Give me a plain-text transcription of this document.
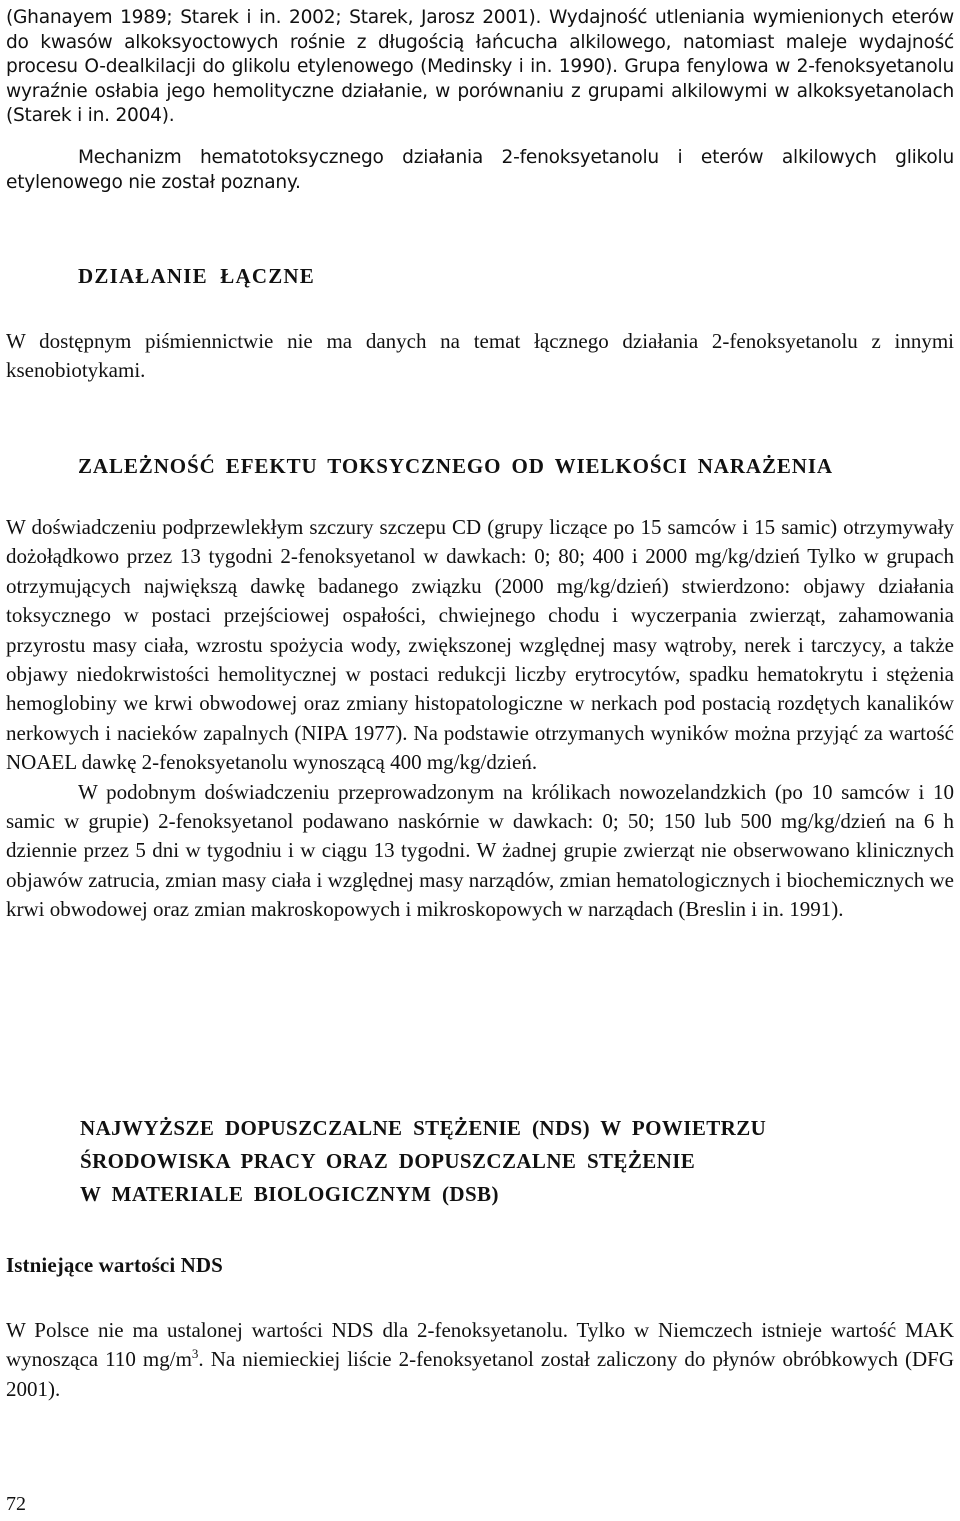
(Ghanayem 1989; Starek i in. 2002; Starek, Jarosz 2001). Wydajność utleniania wymienionych eterów do kwasów alkoksyoctowych rośnie z długością łańcucha alkilowego, natomiast maleje wydajność procesu O-dealkilacji do glikolu etylenowego (Medinsky i in. 1990). Grupa fenylowa w 2-fenoksyetanolu wyraźnie osłabia jego hemolityczne działanie, w porównaniu z grupami alkilowymi w alkoksyetanolach (Starek i in. 2004).

Mechanizm hematotoksycznego działania 2-fenoksyetanolu i eterów alkilowych glikolu etylenowego nie został poznany.

DZIAŁANIE ŁĄCZNE

W dostępnym piśmiennictwie nie ma danych na temat łącznego działania 2-fenoksyetanolu z innymi ksenobiotykami.

ZALEŻNOŚĆ EFEKTU TOKSYCZNEGO OD WIELKOŚCI NARAŻENIA

W doświadczeniu podprzewlekłym szczury szczepu CD (grupy liczące po 15 samców i 15 samic) otrzymywały dożołądkowo przez 13 tygodni 2-fenoksyetanol w dawkach: 0; 80; 400 i 2000 mg/kg/dzień Tylko w grupach otrzymujących największą dawkę badanego związku (2000 mg/kg/dzień) stwierdzono: objawy działania toksycznego w postaci przejściowej ospałości, chwiejnego chodu i wyczerpania zwierząt, zahamowania przyrostu masy ciała, wzrostu spożycia wody, zwiększonej względnej masy wątroby, nerek i tarczycy, a także objawy niedokrwistości hemolitycznej w postaci redukcji liczby erytrocytów, spadku hematokrytu i stężenia hemoglobiny we krwi obwodowej oraz zmiany histopatologiczne w nerkach pod postacią rozdętych kanalików nerkowych i nacieków zapalnych (NIPA 1977). Na podstawie otrzymanych wyników można przyjąć za wartość NOAEL dawkę 2-fenoksyetanolu wynoszącą 400 mg/kg/dzień.

W podobnym doświadczeniu przeprowadzonym na królikach nowozelandzkich (po 10 samców i 10 samic w grupie) 2-fenoksyetanol podawano naskórnie w dawkach: 0; 50; 150 lub 500 mg/kg/dzień na 6 h dziennie przez 5 dni w tygodniu i w ciągu 13 tygodni. W żadnej grupie zwierząt nie obserwowano klinicznych objawów zatrucia, zmian masy ciała i względnej masy narządów, zmian hematologicznych i biochemicznych we krwi obwodowej oraz zmian makroskopowych i mikroskopowych w narządach (Breslin i in. 1991).

NAJWYŻSZE DOPUSZCZALNE STĘŻENIE (NDS) W POWIETRZU
ŚRODOWISKA PRACY ORAZ DOPUSZCZALNE STĘŻENIE
W MATERIALE BIOLOGICZNYM (DSB)
Istniejące wartości NDS

W Polsce nie ma ustalonej wartości NDS dla 2-fenoksyetanolu. Tylko w Niemczech istnieje wartość MAK wynosząca 110 $mg/m^3$. Na niemieckiej liście 2-fenoksyetanol został zaliczony do płynów obróbkowych (DFG 2001).

72
